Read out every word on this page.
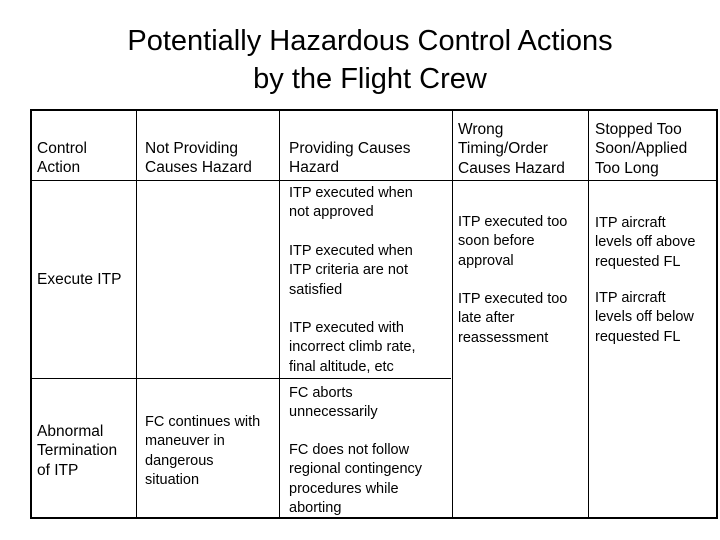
Potentially Hazardous Control Actions
by the Flight Crew
Control
Action
Not Providing
Causes Hazard
Providing Causes
Hazard
Wrong
Timing/Order
Causes Hazard
Stopped Too
Soon/Applied
Too Long
Execute ITP
ITP executed when
not approved
ITP executed when
ITP criteria are not
satisfied
ITP executed with
incorrect climb rate,
final altitude, etc
ITP executed too
soon before
approval
ITP executed too
late after
reassessment
ITP aircraft
levels off above
requested FL
ITP aircraft
levels off below
requested FL
Abnormal
Termination
of ITP
FC continues with
maneuver in
dangerous
situation
FC aborts
unnecessarily
FC does not follow
regional contingency
procedures while
aborting
